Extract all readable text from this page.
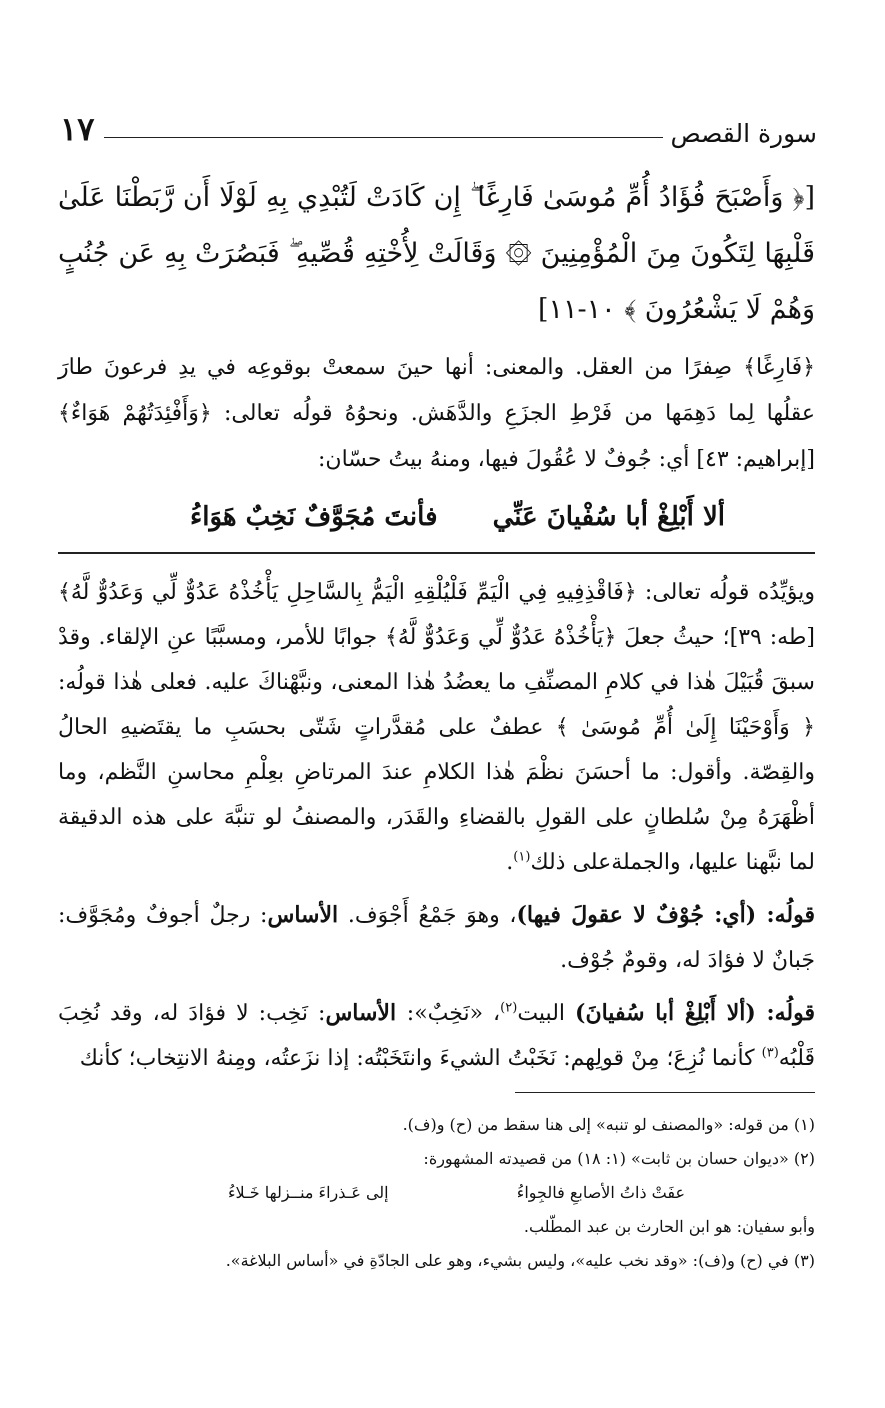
سورة القصص
١٧
[﴿ وَأَصْبَحَ فُؤَادُ أُمِّ مُوسَىٰ فَارِغًا ۖ إِن كَادَتْ لَتُبْدِي بِهِ لَوْلَا أَن رَّبَطْنَا عَلَىٰ قَلْبِهَا لِتَكُونَ مِنَ الْمُؤْمِنِينَ ۞ وَقَالَتْ لِأُخْتِهِ قُصِّيهِ ۖ فَبَصُرَتْ بِهِ عَن جُنُبٍ وَهُمْ لَا يَشْعُرُونَ ﴾ ١٠-١١]
﴿فَارِغًا﴾ صِفرًا من العقل. والمعنى: أنها حينَ سمعتْ بوقوعِه في يدِ فرعونَ طارَ عقلُها لِما دَهِمَها من فَرْطِ الجزَعِ والدَّهَش. ونحوُهُ قولُه تعالى: ﴿وَأَفْئِدَتُهُمْ هَوَاءٌ﴾ [إبراهيم: ٤٣] أي: جُوفٌ لا عُقُولَ فيها، ومنهُ بيتُ حسّان:
ألا أَبْلِغْ أبا سُفْيانَ عَنِّي
فأنتَ مُجَوَّفٌ نَخِبٌ هَوَاءُ

ويؤيِّدُه قولُه تعالى: ﴿فَاقْذِفِيهِ فِي الْيَمِّ فَلْيُلْقِهِ الْيَمُّ بِالسَّاحِلِ يَأْخُذْهُ عَدُوٌّ لِّي وَعَدُوٌّ لَّهُ﴾ [طه: ٣٩]؛ حيثُ جعلَ ﴿يَأْخُذْهُ عَدُوٌّ لِّي وَعَدُوٌّ لَّهُ﴾ جوابًا للأمر، ومسبَّبًا عنِ الإلقاء. وقدْ سبقَ قُبَيْلَ هٰذا في كلامِ المصنِّفِ ما يعضُدُ هٰذا المعنى، ونبَّهْناكَ عليه. فعلى هٰذا قولُه: ﴿ وَأَوْحَيْنَا إِلَىٰ أُمِّ مُوسَىٰ ﴾ عطفٌ على مُقدَّراتٍ شَتّى بحسَبِ ما يقتَضيهِ الحالُ والقِصّة. وأقول: ما أحسَنَ نظْمَ هٰذا الكلامِ عندَ المرتاضِ بعِلْمِ محاسنِ النَّظم، وما أظْهَرَهُ مِنْ سُلطانٍ على القولِ بالقضاءِ والقَدَر، والمصنفُ لو تنبَّهَ على هذه الدقيقة لما نبَّهنا عليها، والجملةعلى ذلك$^{(١)}$.

قولُه: (أي: جُوْفٌ لا عقولَ فيها)، وهوَ جَمْعُ أَجْوَف. الأساس: رجلٌ أجوفٌ ومُجَوَّف: جَبانٌ لا فؤادَ له، وقومٌ جُوْف.

قولُه: (ألا أَبْلِغْ أبا سُفيانَ) البيت$^{(٢)}$، «نَخِبٌ»: الأساس: نَخِب: لا فؤادَ له، وقد نُخِبَ قَلْبُه$^{(٣)}$ كأنما نُزِعَ؛ مِنْ قولِهم: نَخَبْتُ الشيءَ وانتَخَبْتُه: إذا نزَعتُه، ومِنهُ الانتِخاب؛ كأنك

(١) من قوله: «والمصنف لو تنبه» إلى هنا سقط من (ح) و(ف).
(٢) «ديوان حسان بن ثابت» (١: ١٨) من قصيدته المشهورة:
عفَتْ ذاتُ الأصابعِ فالجِواءُ
إلى عَـذراءَ منــزلها خَـلاءُ
وأبو سفيان: هو ابن الحارث بن عبد المطّلب.
(٣) في (ح) و(ف): «وقد نخب عليه»، وليس بشيء، وهو على الجادّةِ في «أساس البلاغة».
